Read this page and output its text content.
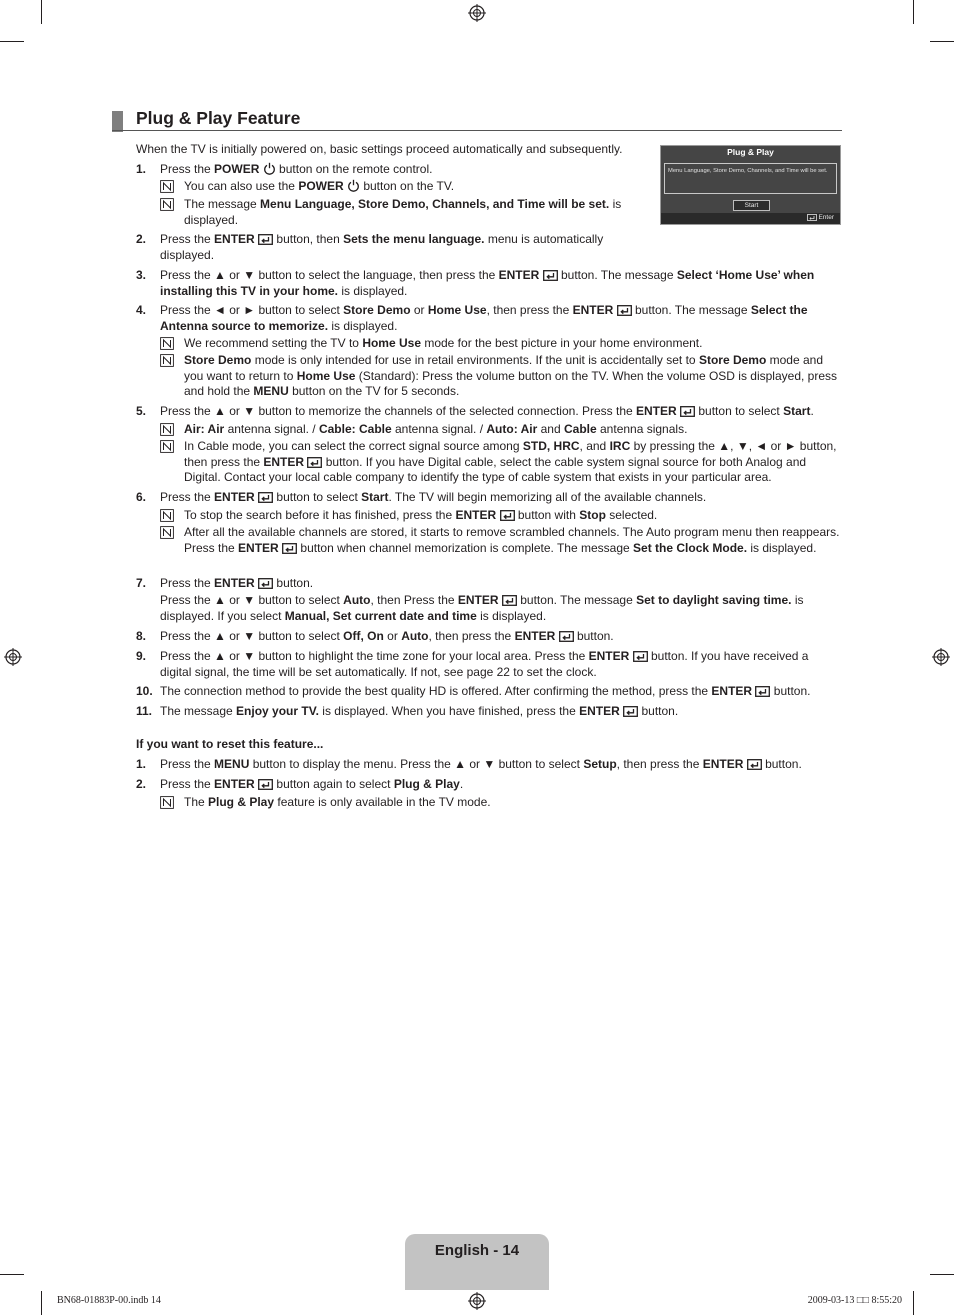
Plug & Play Feature
Plug & Play
Menu Language, Store Demo, Channels, and Time will be set.
Start
Enter
When the TV is initially powered on, basic settings proceed automatically and subsequently.
1.	Press the POWER  button on the remote control.
You can also use the POWER  button on the TV.
The message Menu Language, Store Demo, Channels, and Time will be set. is displayed.
2.	Press the ENTER  button, then Sets the menu language. menu is automatically displayed.
3.	Press the ▲ or ▼ button to select the language, then press the ENTER  button. The message Select ‘Home Use’ when installing this TV in your home. is displayed.
4.	Press the ◄ or ► button to select Store Demo or Home Use, then press the ENTER  button. The message Select the Antenna source to memorize. is displayed.
We recommend setting the TV to Home Use mode for the best picture in your home environment.
Store Demo mode is only intended for use in retail environments. If the unit is accidentally set to Store Demo mode and you want to return to Home Use (Standard): Press the volume button on the TV. When the volume OSD is displayed, press and hold the MENU button on the TV for 5 seconds.
5.	Press the ▲ or ▼ button to memorize the channels of the selected connection. Press the ENTER  button to select Start.
Air: Air antenna signal. / Cable: Cable antenna signal. / Auto: Air and Cable antenna signals.
In Cable mode, you can select the correct signal source among STD, HRC, and IRC by pressing the ▲, ▼, ◄ or ► button, then press the ENTER  button. If you have Digital cable, select the cable system signal source for both Analog and Digital. Contact your local cable company to identify the type of cable system that exists in your particular area.
6.	Press the ENTER  button to select Start. The TV will begin memorizing all of the available channels.
To stop the search before it has finished, press the ENTER  button with Stop selected.
After all the available channels are stored, it starts to remove scrambled channels. The Auto program menu then reappears. Press the ENTER  button when channel memorization is complete. The message Set the Clock Mode. is displayed.
7.	Press the ENTER  button.
Press the ▲ or ▼ button to select Auto, then Press the ENTER  button. The message Set to daylight saving time. is displayed. If you select Manual, Set current date and time is displayed.
8.	Press the ▲ or ▼ button to select Off, On or Auto, then press the ENTER  button.
9.	Press the ▲ or ▼ button to highlight the time zone for your local area. Press the ENTER  button. If you have received a digital signal, the time will be set automatically. If not, see page 22 to set the clock.
10. The connection method to provide the best quality HD is offered. After confirming the method, press the ENTER  button.
11. The message Enjoy your TV. is displayed. When you have finished, press the ENTER  button.
If you want to reset this feature...
1.	Press the MENU button to display the menu. Press the ▲ or ▼ button to select Setup, then press the ENTER  button.
2.	Press the ENTER  button again to select Plug & Play.
The Plug & Play feature is only available in the TV mode.
English - 14
BN68-01883P-00.indb 14	2009-03-13 □□ 8:55:20
